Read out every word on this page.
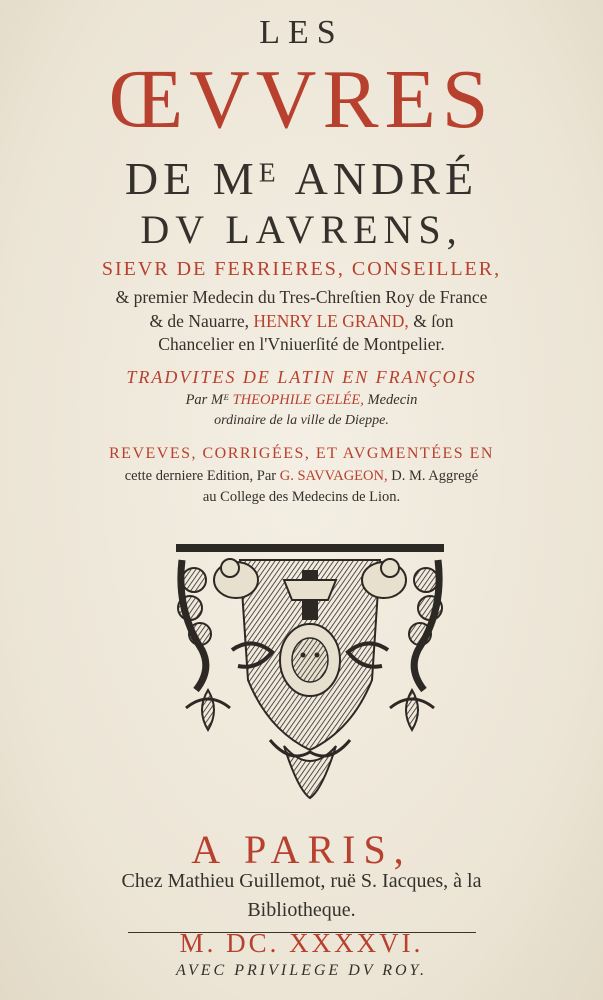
LES
ŒVVRES
DE Mᴱ ANDRÉ
DV LAVRENS,
SIEVR DE FERRIERES, CONSEILLER,
& premier Medecin du Tres-Chreſtien Roy de France
& de Nauarre, HENRY LE GRAND, & ſon
Chancelier en l'Vniuerſité de Montpelier.
TRADVITES DE LATIN EN FRANÇOIS
Par Mᴱ THEOPHILE GELÉE, Medecin
ordinaire de la ville de Dieppe.
REVEVES, CORRIGÉES, ET AVGMENTÉES EN
cette derniere Edition, Par G. SAVVAGEON, D. M. Aggregé
au College des Medecins de Lion.
A PARIS,
Chez Mathieu Guillemot, ruë S. Iacques, à la
Bibliotheque.
M. DC. XXXXVI.
AVEC PRIVILEGE DV ROY.
